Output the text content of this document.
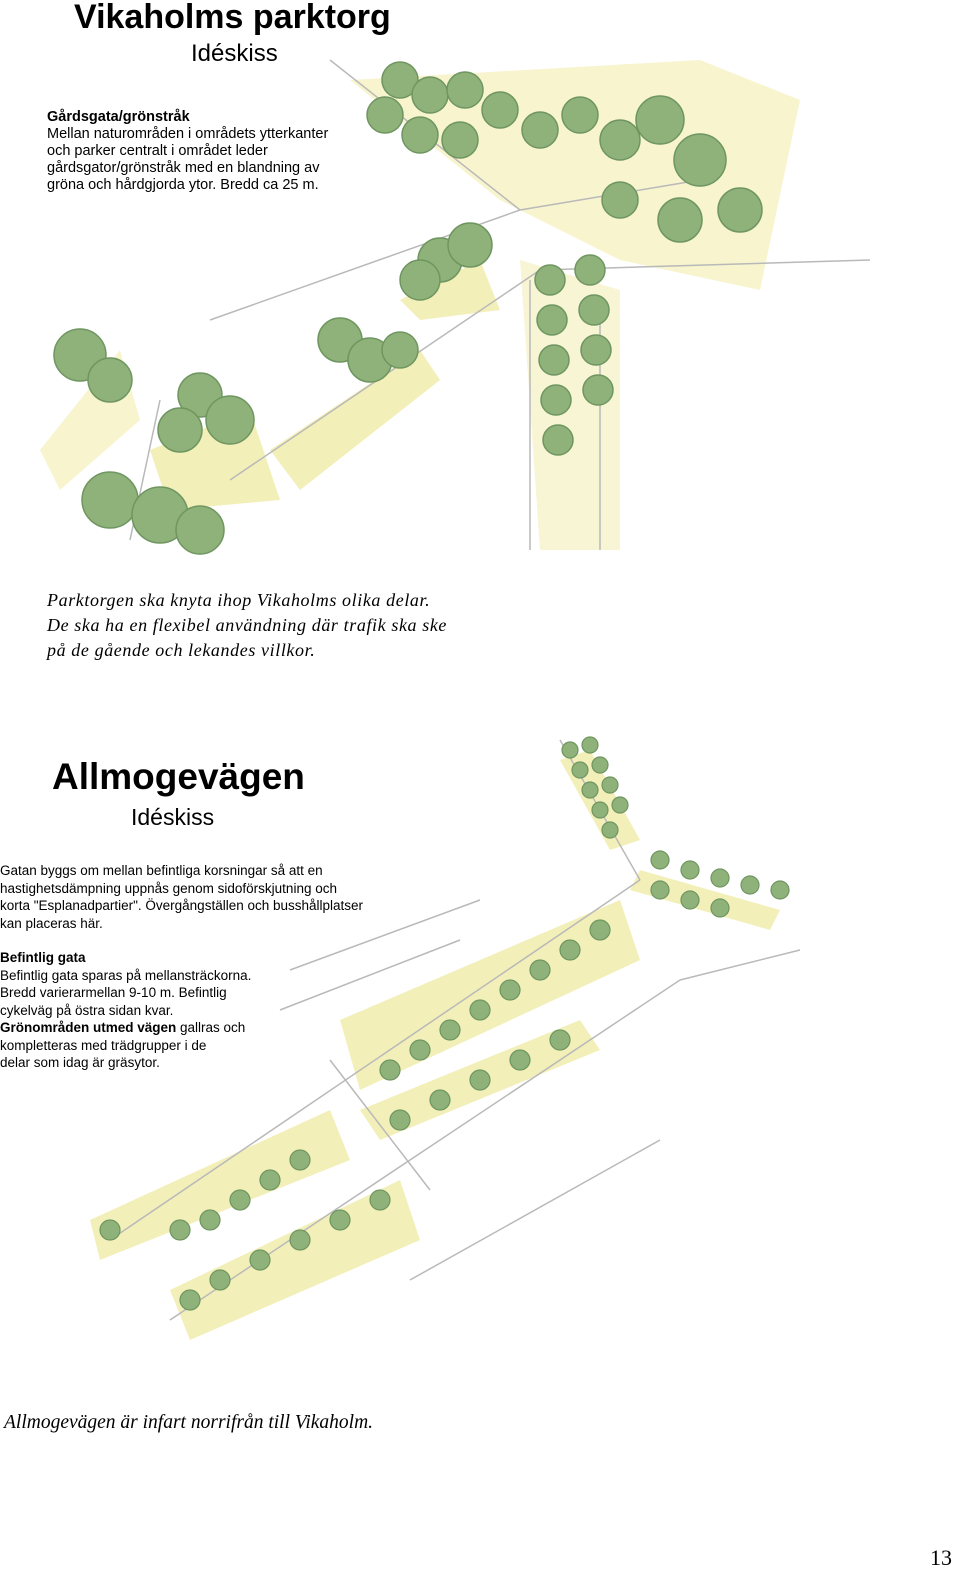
Vikaholms parktorg
Idéskiss
Gårdsgata/grönstråk
Mellan naturområden i områdets ytterkanter
och parker centralt i området leder
gårdsgator/grönstråk med en blandning av
gröna och hårdgjorda ytor. Bredd ca 25 m.
Parktorgen ska knyta ihop Vikaholms olika delar.
De ska ha en flexibel användning där trafik ska ske
på de gående och lekandes villkor.
Allmogevägen
Idéskiss

Gatan byggs om mellan befintliga korsningar så att en

hastighetsdämpning uppnås genom sidoförskjutning och

korta "Esplanadpartier". Övergångställen och busshållplatser

kan placeras här.

Befintlig gata

Befintlig gata sparas på mellansträckorna.

Bredd varierarmellan 9-10 m. Befintlig

cykelväg på östra sidan kvar.

Grönområden utmed vägen gallras och

kompletteras med trädgrupper i de

delar som idag är gräsytor.

Allmogevägen är infart norrifrån till Vikaholm.
13
